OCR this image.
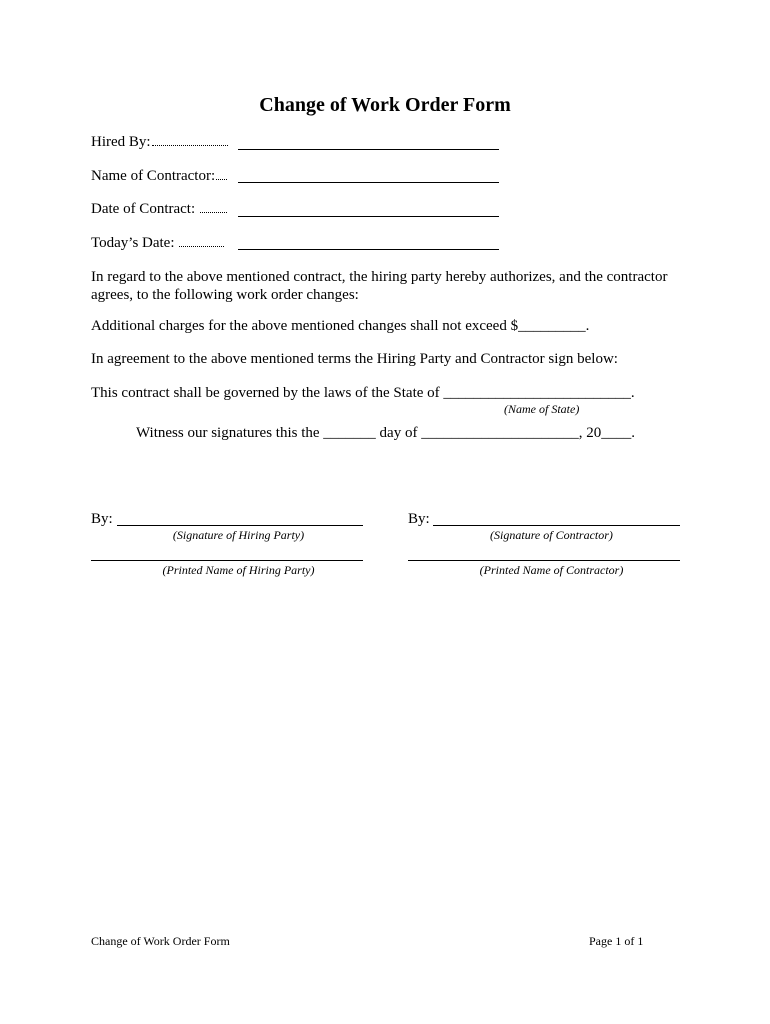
Change of Work Order Form
Hired By:
Name of Contractor:
Date of Contract:
Today’s Date:
In regard to the above mentioned contract, the hiring party hereby authorizes, and the contractor agrees, to the following work order changes:
Additional charges for the above mentioned changes shall not exceed $_________.
In agreement to the above mentioned terms the Hiring Party and Contractor sign below:
This contract shall be governed by the laws of the State of _________________________.
(Name of State)
Witness our signatures this the _______ day of _____________________, 20____.
By:
(Signature of Hiring Party)
By:
(Signature of Contractor)
(Printed Name of Hiring Party)	(Printed Name of Contractor)
Change of Work Order Form	Page 1 of 1
